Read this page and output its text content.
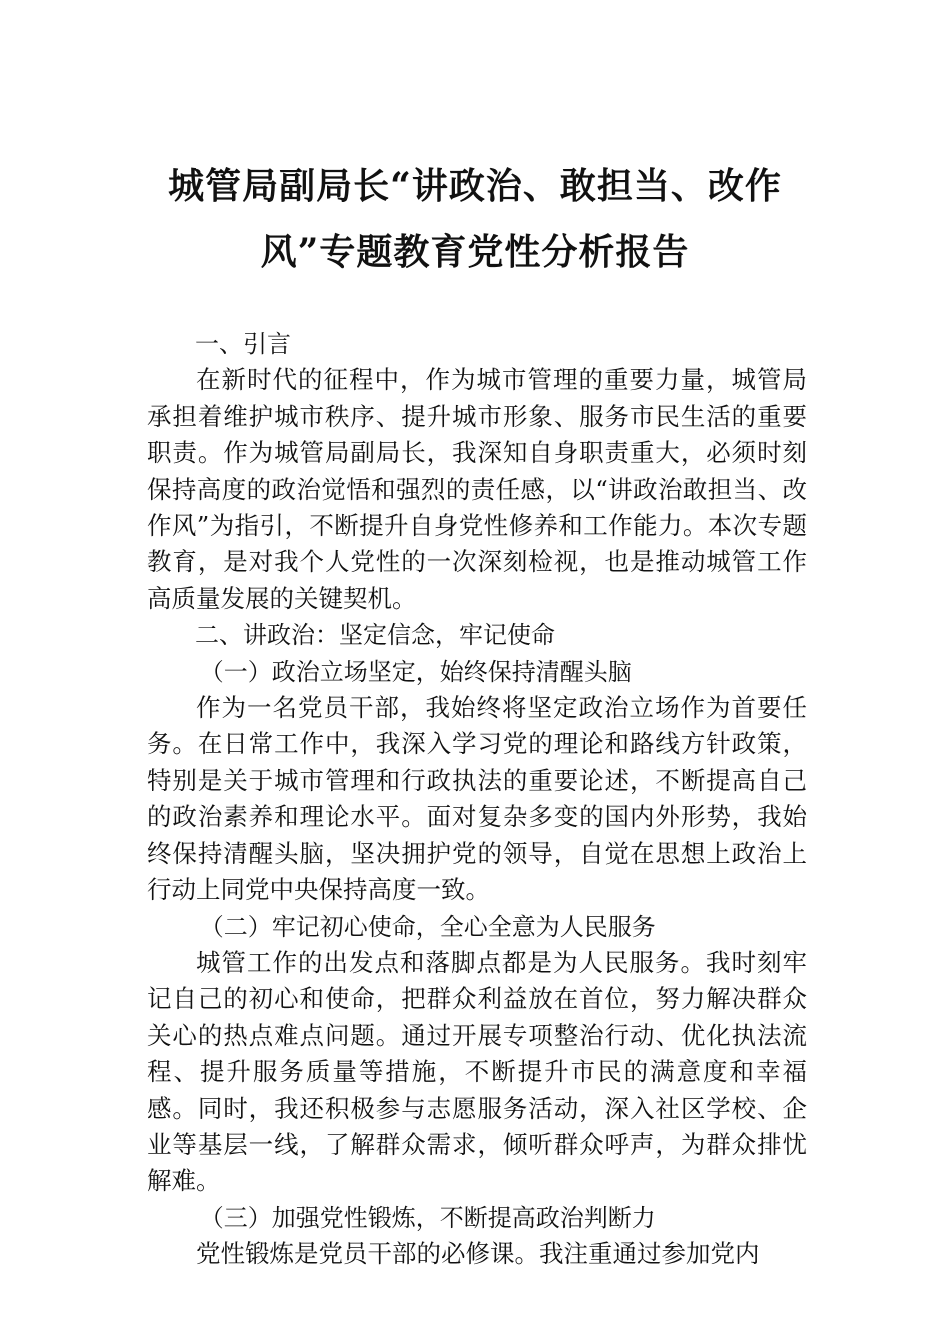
城管局副局长“讲政治、敢担当、改作
风”专题教育党性分析报告

一、引言

在新时代的征程中，作为城市管理的重要力量，城管局承担着维护城市秩序、提升城市形象、服务市民生活的重要职责。作为城管局副局长，我深知自身职责重大，必须时刻保持高度的政治觉悟和强烈的责任感，以“讲政治敢担当、改作风”为指引，不断提升自身党性修养和工作能力。本次专题教育，是对我个人党性的一次深刻检视，也是推动城管工作高质量发展的关键契机。

二、讲政治：坚定信念，牢记使命

（一）政治立场坚定，始终保持清醒头脑

作为一名党员干部，我始终将坚定政治立场作为首要任务。在日常工作中，我深入学习党的理论和路线方针政策，特别是关于城市管理和行政执法的重要论述，不断提高自己的政治素养和理论水平。面对复杂多变的国内外形势，我始终保持清醒头脑，坚决拥护党的领导，自觉在思想上政治上行动上同党中央保持高度一致。

（二）牢记初心使命，全心全意为人民服务

城管工作的出发点和落脚点都是为人民服务。我时刻牢记自己的初心和使命，把群众利益放在首位，努力解决群众关心的热点难点问题。通过开展专项整治行动、优化执法流程、提升服务质量等措施，不断提升市民的满意度和幸福感。同时，我还积极参与志愿服务活动，深入社区学校、企业等基层一线，了解群众需求，倾听群众呼声，为群众排忧解难。

（三）加强党性锻炼，不断提高政治判断力

党性锻炼是党员干部的必修课。我注重通过参加党内
